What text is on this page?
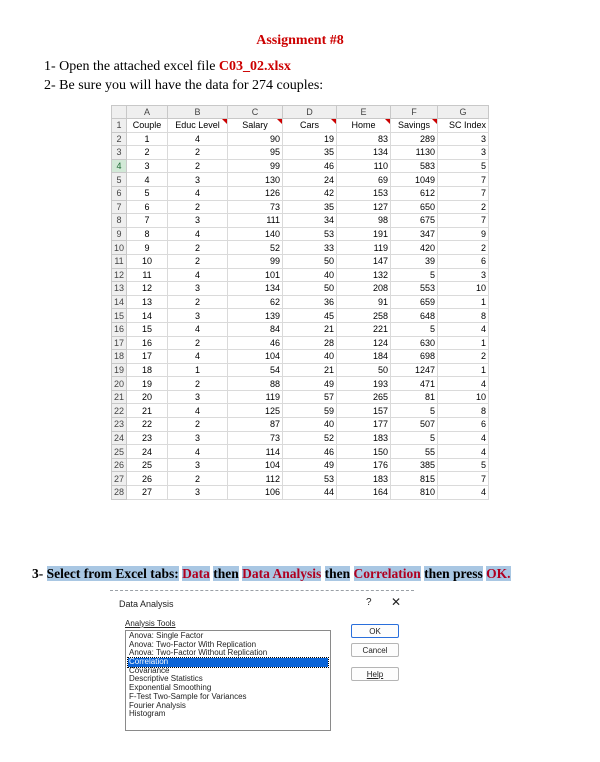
Assignment #8
1- Open the attached excel file C03_02.xlsx
2- Be sure you will have the data for 274 couples:
	A	B	C	D	E	F	G
1	Couple	Educ Level	Salary	Cars	Home	Savings	SC Index
2	1	4	90	19	83	289	3
3	2	2	95	35	134	1130	3
4	3	2	99	46	110	583	5
5	4	3	130	24	69	1049	7
6	5	4	126	42	153	612	7
7	6	2	73	35	127	650	2
8	7	3	111	34	98	675	7
9	8	4	140	53	191	347	9
10	9	2	52	33	119	420	2
11	10	2	99	50	147	39	6
12	11	4	101	40	132	5	3
13	12	3	134	50	208	553	10
14	13	2	62	36	91	659	1
15	14	3	139	45	258	648	8
16	15	4	84	21	221	5	4
17	16	2	46	28	124	630	1
18	17	4	104	40	184	698	2
19	18	1	54	21	50	1247	1
20	19	2	88	49	193	471	4
21	20	3	119	57	265	81	10
22	21	4	125	59	157	5	8
23	22	2	87	40	177	507	6
24	23	3	73	52	183	5	4
25	24	4	114	46	150	55	4
26	25	3	104	49	176	385	5
27	26	2	112	53	183	815	7
28	27	3	106	44	164	810	4
3- Select from Excel tabs: Data then Data Analysis then Correlation then press OK.
Data Analysis	? ✕
Analysis Tools
Anova: Single Factor
Anova: Two-Factor With Replication
Anova: Two-Factor Without Replication
Correlation
Covariance
Descriptive Statistics
Exponential Smoothing
F-Test Two-Sample for Variances
Fourier Analysis
Histogram
OK
Cancel
Help
